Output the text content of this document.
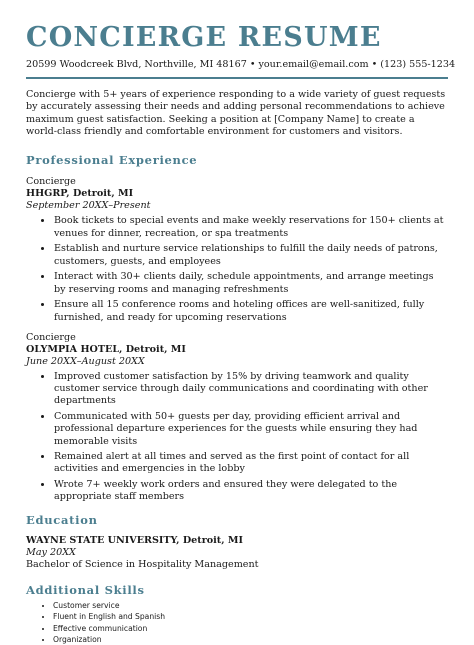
CONCIERGE RESUME
20599 Woodcreek Blvd, Northville, MI 48167 • your.email@email.com • (123) 555-1234

Concierge with 5+ years of experience responding to a wide variety of guest requests by accurately assessing their needs and adding personal recommendations to achieve maximum guest satisfaction. Seeking a position at [Company Name] to create a world-class friendly and comfortable environment for customers and visitors.

Professional Experience

Concierge

HHGRP, Detroit, MI

September 20XX–Present

• Book tickets to special events and make weekly reservations for 150+ clients at venues for dinner, recreation, or spa treatments
• Establish and nurture service relationships to fulfill the daily needs of patrons, customers, guests, and employees
• Interact with 30+ clients daily, schedule appointments, and arrange meetings by reserving rooms and managing refreshments
• Ensure all 15 conference rooms and hoteling offices are well-sanitized, fully furnished, and ready for upcoming reservations

Concierge

OLYMPIA HOTEL, Detroit, MI

June 20XX–August 20XX

• Improved customer satisfaction by 15% by driving teamwork and quality customer service through daily communications and coordinating with other departments
• Communicated with 50+ guests per day, providing efficient arrival and professional departure experiences for the guests while ensuring they had memorable visits
• Remained alert at all times and served as the first point of contact for all activities and emergencies in the lobby
• Wrote 7+ weekly work orders and ensured they were delegated to the appropriate staff members
Education

WAYNE STATE UNIVERSITY, Detroit, MI

May 20XX

Bachelor of Science in Hospitality Management

Additional Skills
• Customer service
• Fluent in English and Spanish
• Effective communication
• Organization
